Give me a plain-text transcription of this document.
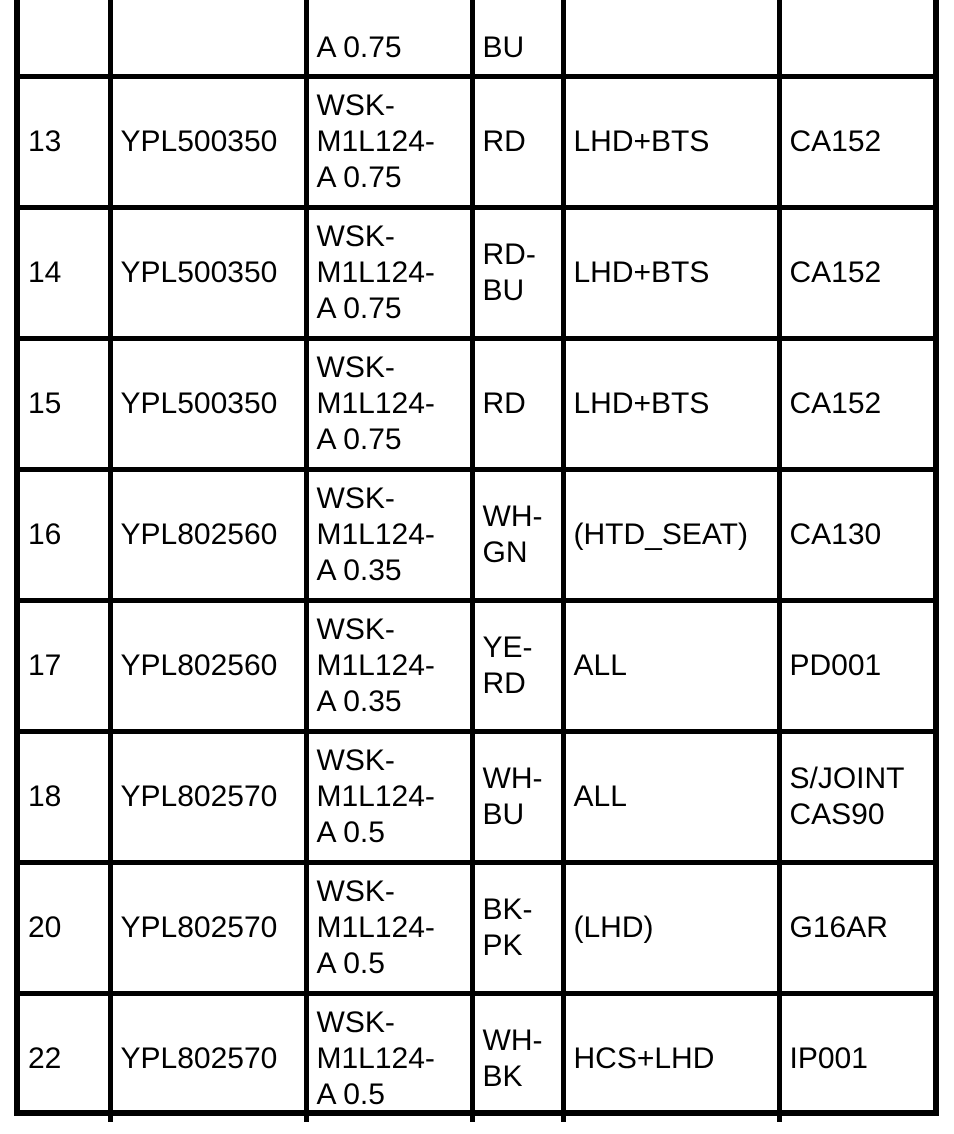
		A 0.75	BU		
13	YPL500350	WSK-
M1L124-
A 0.75	RD	LHD+BTS	CA152
14	YPL500350	WSK-
M1L124-
A 0.75	RD-
BU	LHD+BTS	CA152
15	YPL500350	WSK-
M1L124-
A 0.75	RD	LHD+BTS	CA152
16	YPL802560	WSK-
M1L124-
A 0.35	WH-
GN	(HTD_SEAT)	CA130
17	YPL802560	WSK-
M1L124-
A 0.35	YE-
RD	ALL	PD001
18	YPL802570	WSK-
M1L124-
A 0.5	WH-
BU	ALL	S/JOINT
CAS90
20	YPL802570	WSK-
M1L124-
A 0.5	BK-
PK	(LHD)	G16AR
22	YPL802570	WSK-
M1L124-
A 0.5	WH-
BK	HCS+LHD	IP001
